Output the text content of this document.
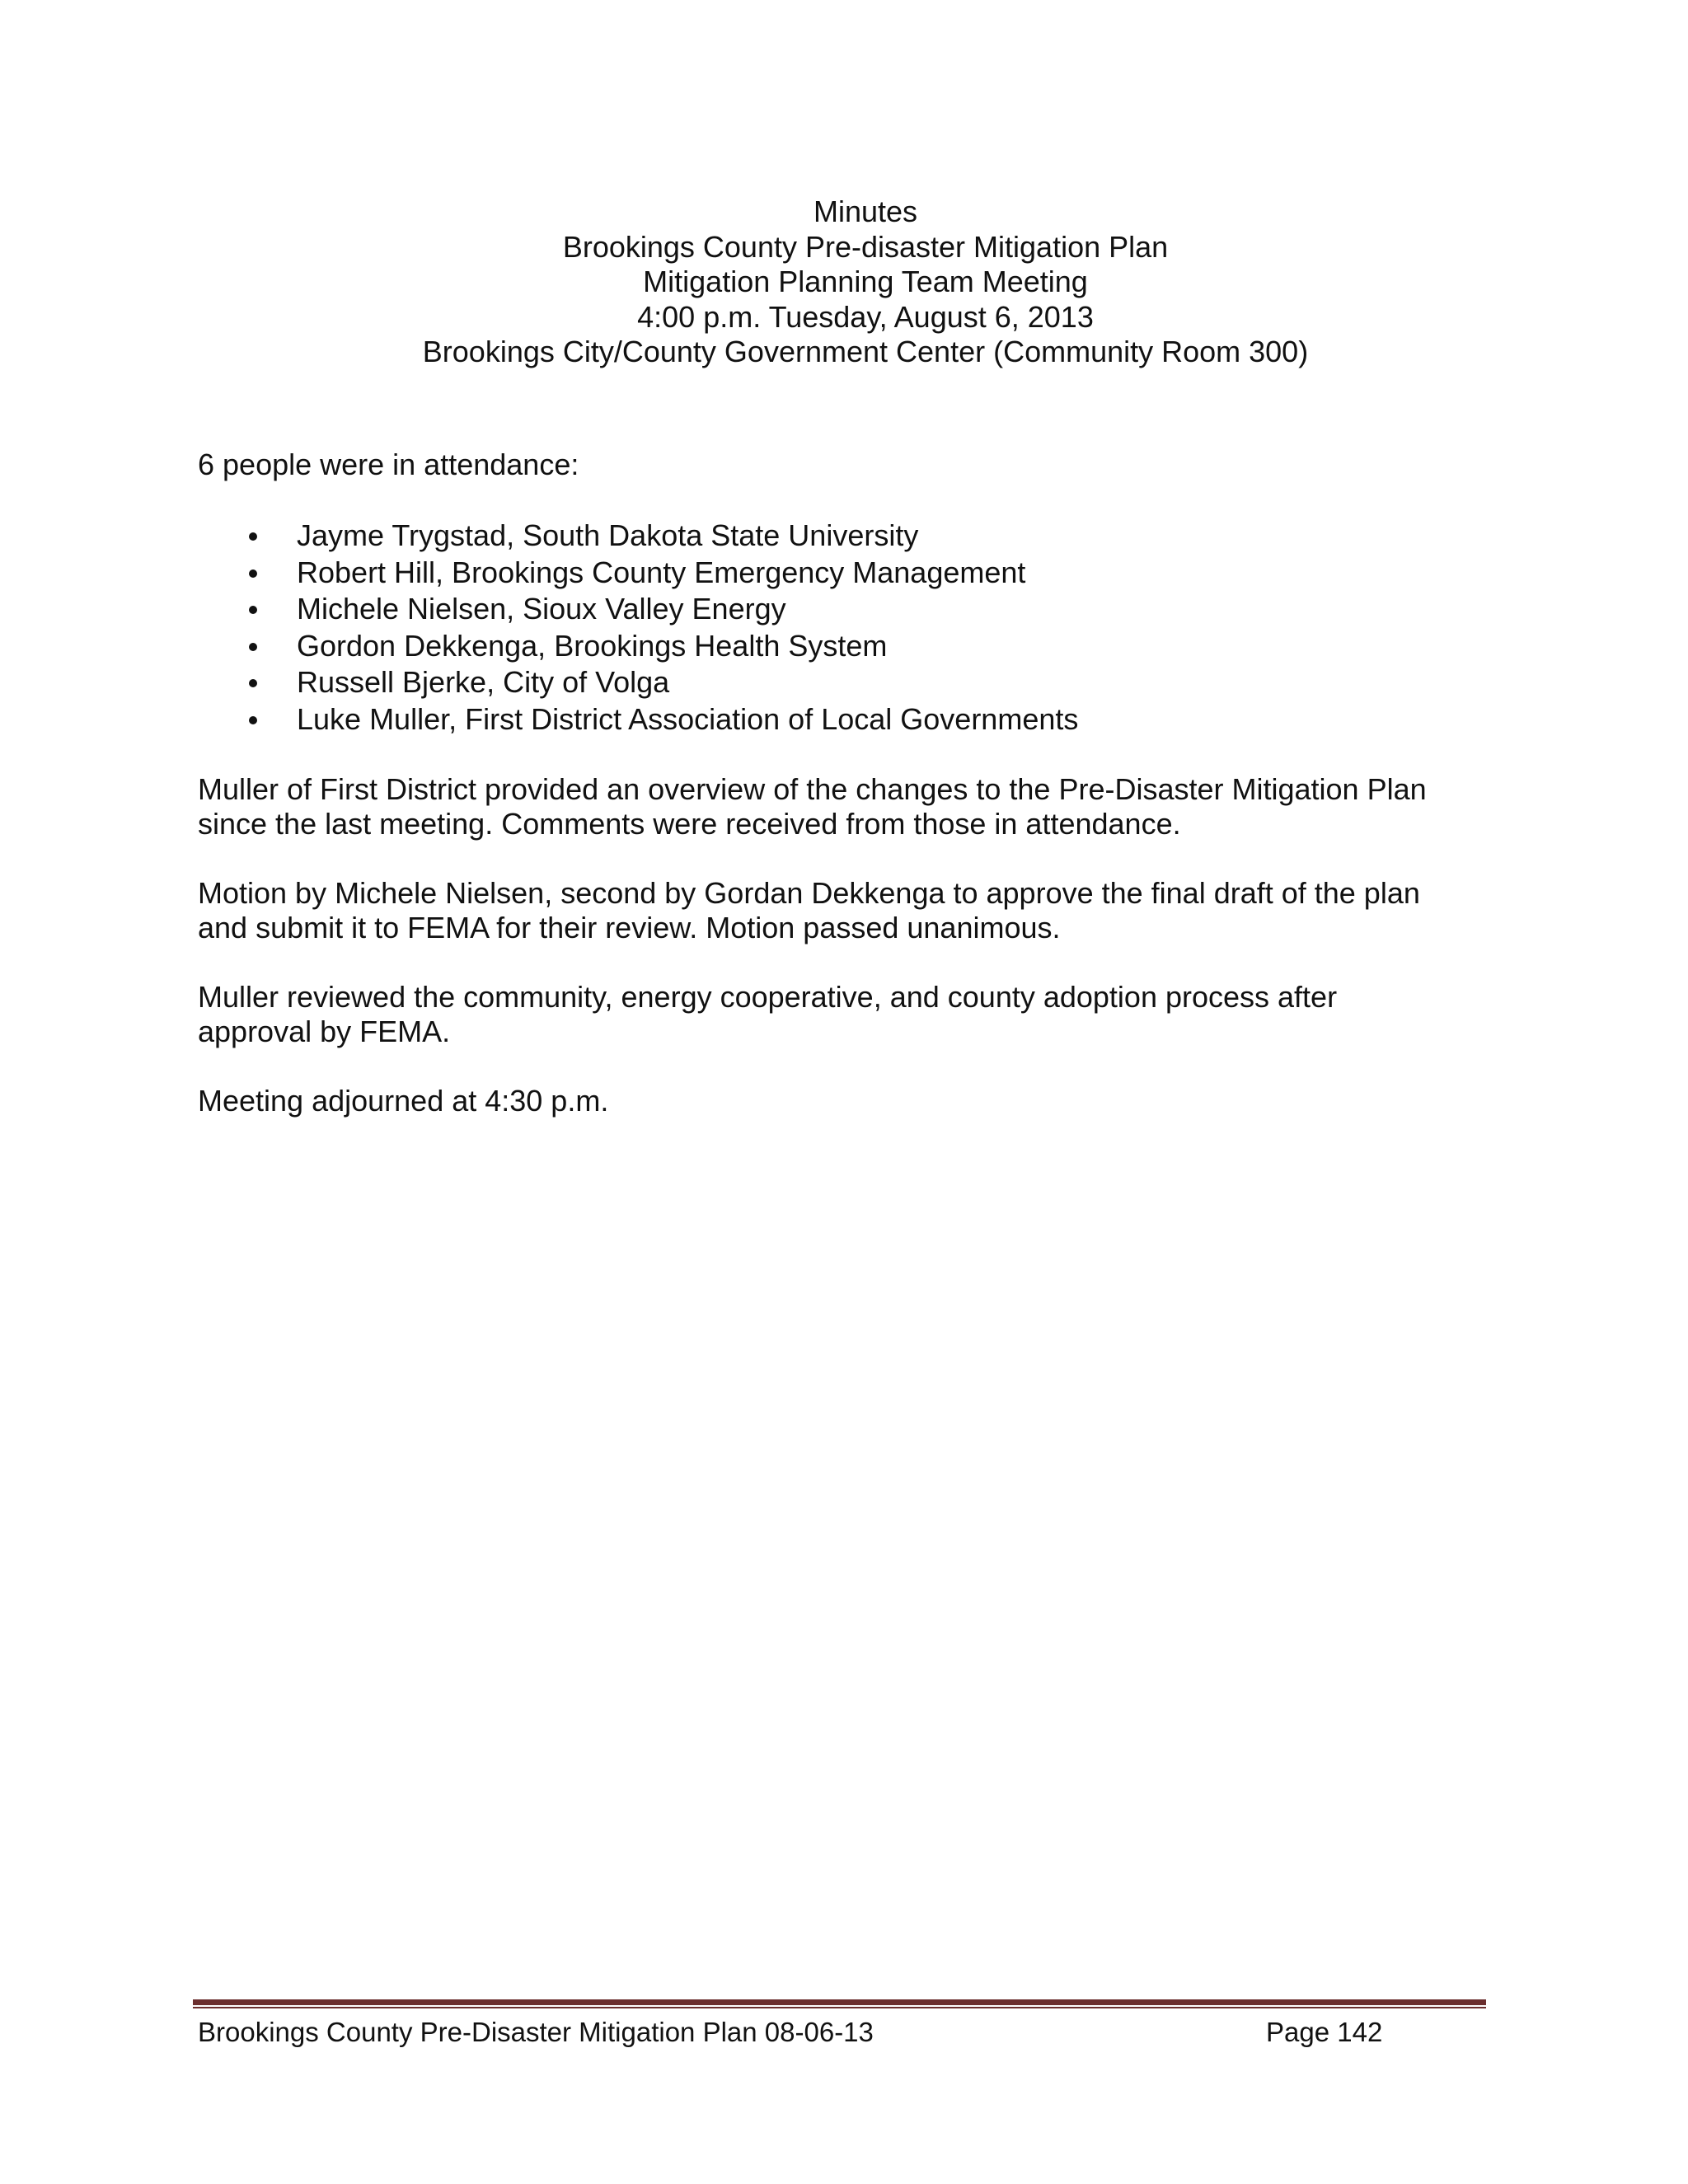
Minutes
Brookings County Pre-disaster Mitigation Plan
Mitigation Planning Team Meeting
4:00 p.m. Tuesday, August 6, 2013
Brookings City/County Government Center (Community Room 300)
6 people were in attendance:
Jayme Trygstad, South Dakota State University
Robert Hill, Brookings County Emergency Management
Michele Nielsen, Sioux Valley Energy
Gordon Dekkenga, Brookings Health System
Russell Bjerke, City of Volga
Luke Muller, First District Association of Local Governments
Muller of First District provided an overview of the changes to the Pre-Disaster Mitigation Plan
since the last meeting. Comments were received from those in attendance.
Motion by Michele Nielsen, second by Gordan Dekkenga to approve the final draft of the plan
and submit it to FEMA for their review. Motion passed unanimous.
Muller reviewed the community, energy cooperative, and county adoption process after
approval by FEMA.
Meeting adjourned at 4:30 p.m.
Brookings County Pre-Disaster Mitigation Plan 08-06-13	Page 142
